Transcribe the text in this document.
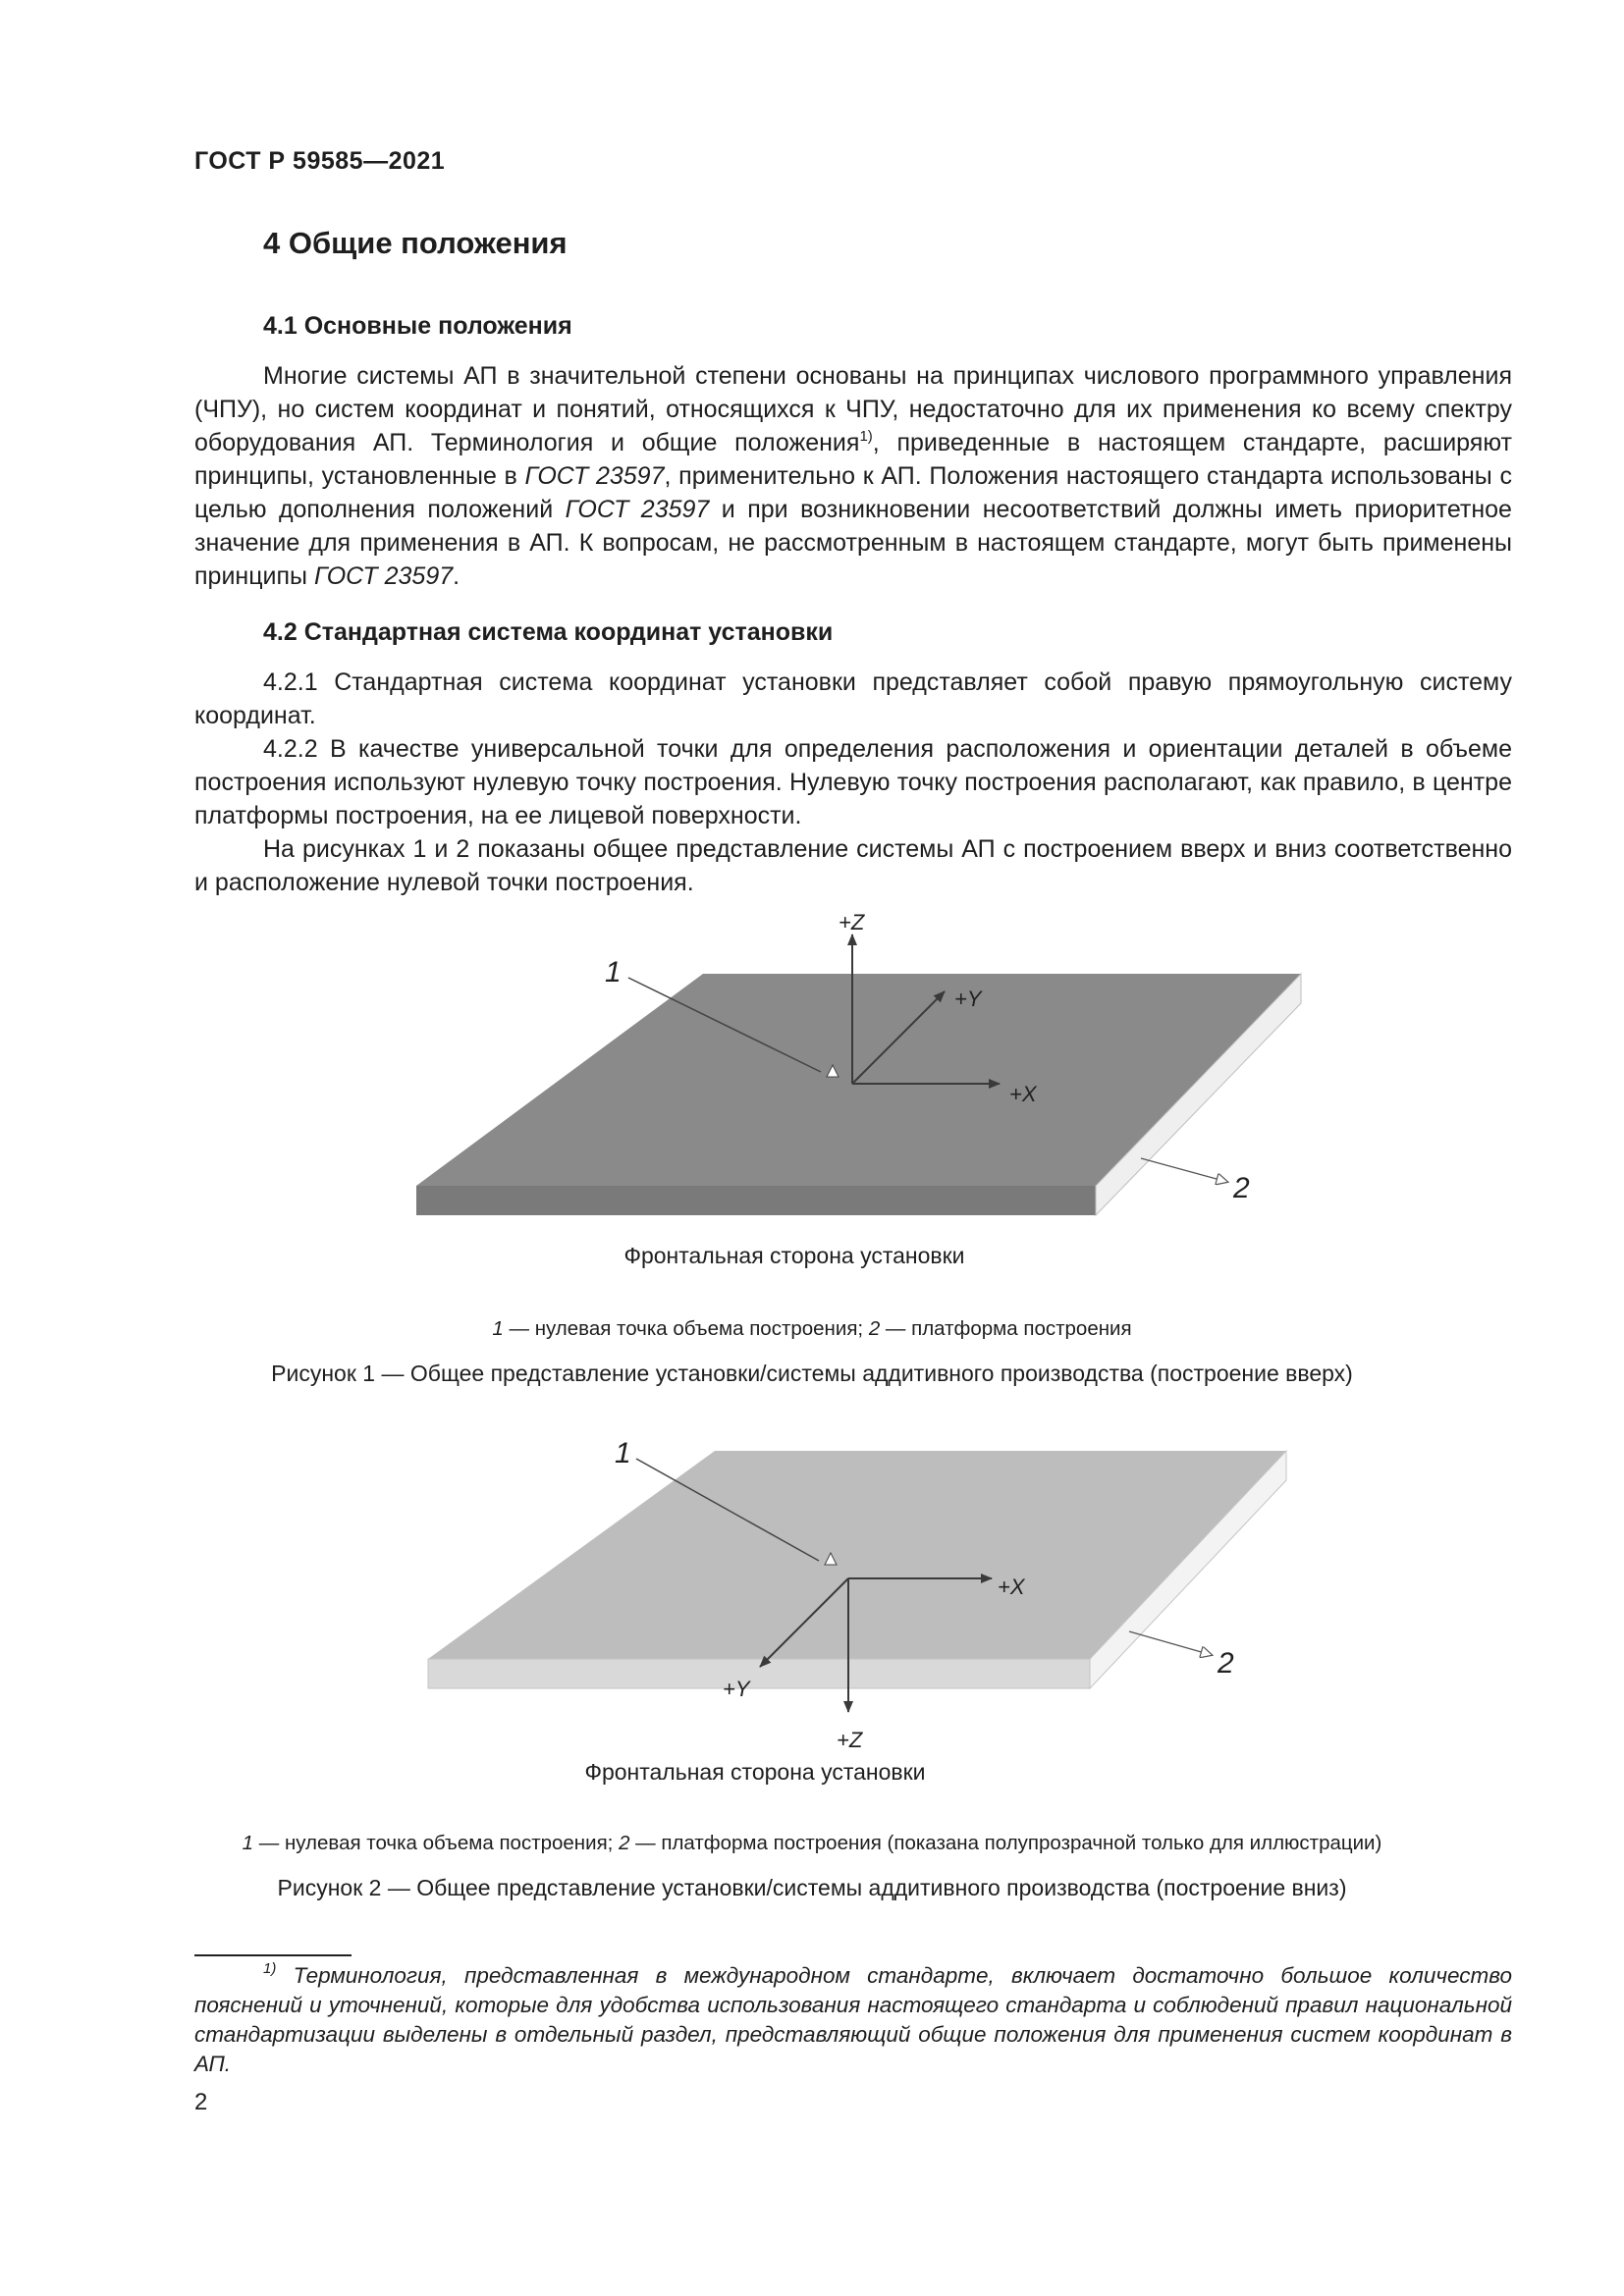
ГОСТ Р 59585—2021
4 Общие положения
4.1 Основные положения

Многие системы АП в значительной степени основаны на принципах числового программного управления (ЧПУ), но систем координат и понятий, относящихся к ЧПУ, недостаточно для их применения ко всему спектру оборудования АП. Терминология и общие положения$^{1)}$, приведенные в настоящем стандарте, расширяют принципы, установленные в ГОСТ 23597, применительно к АП. Положения настоящего стандарта использованы с целью дополнения положений ГОСТ 23597 и при возникновении несоответствий должны иметь приоритетное значение для применения в АП. К вопросам, не рассмотренным в настоящем стандарте, могут быть применены принципы ГОСТ 23597.

4.2 Стандартная система координат установки

4.2.1 Стандартная система координат установки представляет собой правую прямоугольную систему координат.

4.2.2 В качестве универсальной точки для определения расположения и ориентации деталей в объеме построения используют нулевую точку построения. Нулевую точку построения располагают, как правило, в центре платформы построения, на ее лицевой поверхности.

На рисунках 1 и 2 показаны общее представление системы АП с построением вверх и вниз соответственно и расположение нулевой точки построения.

1
2
+Z
+Y
+X
Фронтальная сторона установки
1 — нулевая точка объема построения; 2 — платформа построения
Рисунок 1 — Общее представление установки/системы аддитивного производства (построение вверх)
1
2
+X
+Y
+Z
Фронтальная сторона установки
1 — нулевая точка объема построения; 2 — платформа построения (показана полупрозрачной только для иллюстрации)
Рисунок 2 — Общее представление установки/системы аддитивного производства (построение вниз)

$^{1)}$ Терминология, представленная в международном стандарте, включает достаточно большое количество пояснений и уточнений, которые для удобства использования настоящего стандарта и соблюдений правил национальной стандартизации выделены в отдельный раздел, представляющий общие положения для применения систем координат в АП.

2
